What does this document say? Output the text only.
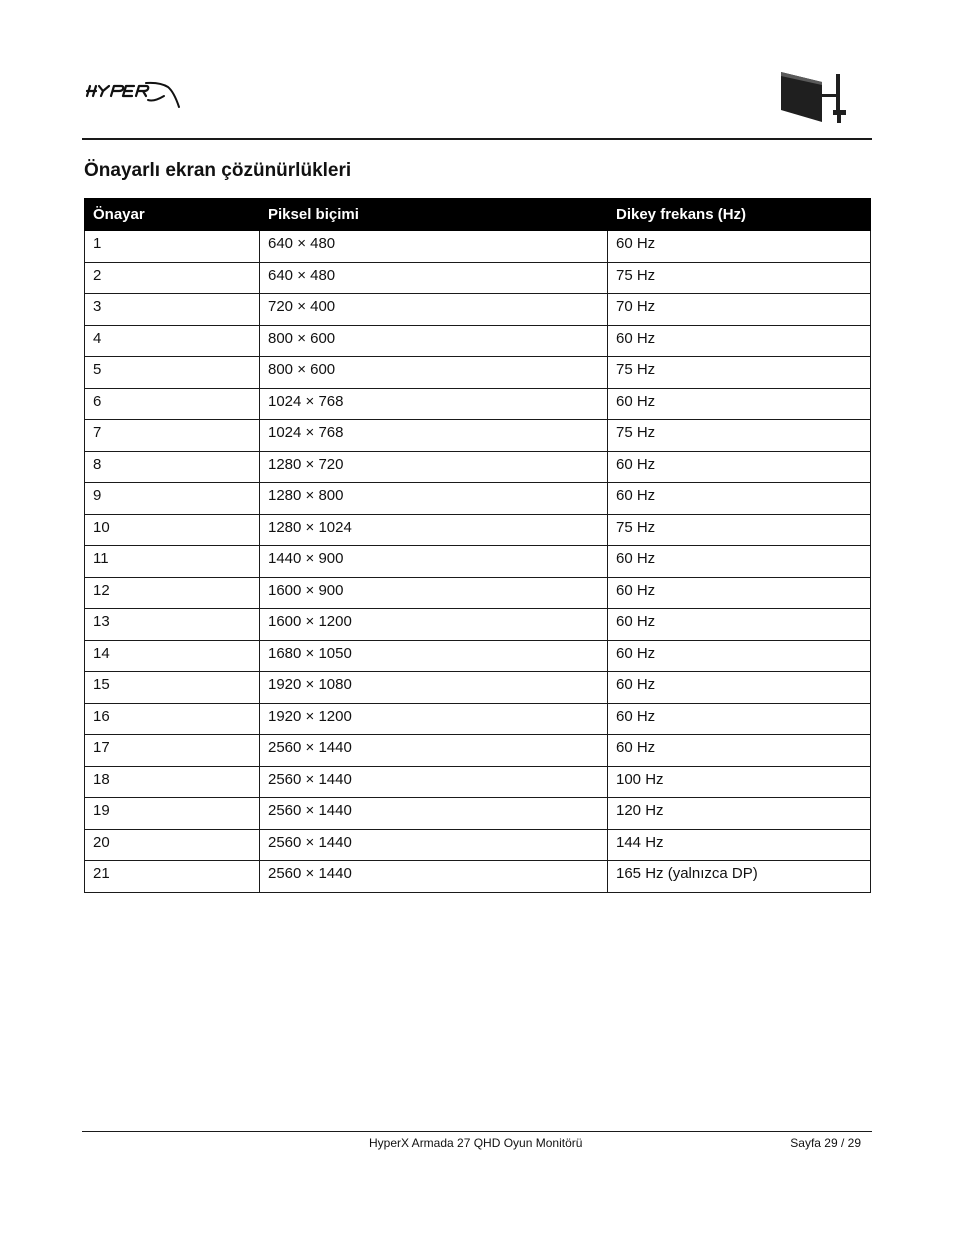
Önayarlı ekran çözünürlükleri
Önayar	Piksel biçimi	Dikey frekans (Hz)
1	640 × 480	60 Hz
2	640 × 480	75 Hz
3	720 × 400	70 Hz
4	800 × 600	60 Hz
5	800 × 600	75 Hz
6	1024 × 768	60 Hz
7	1024 × 768	75 Hz
8	1280 × 720	60 Hz
9	1280 × 800	60 Hz
10	1280 × 1024	75 Hz
11	1440 × 900	60 Hz
12	1600 × 900	60 Hz
13	1600 × 1200	60 Hz
14	1680 × 1050	60 Hz
15	1920 × 1080	60 Hz
16	1920 × 1200	60 Hz
17	2560 × 1440	60 Hz
18	2560 × 1440	100 Hz
19	2560 × 1440	120 Hz
20	2560 × 1440	144 Hz
21	2560 × 1440	165 Hz (yalnızca DP)
HyperX Armada 27 QHD Oyun Monitörü	Sayfa 29 / 29
